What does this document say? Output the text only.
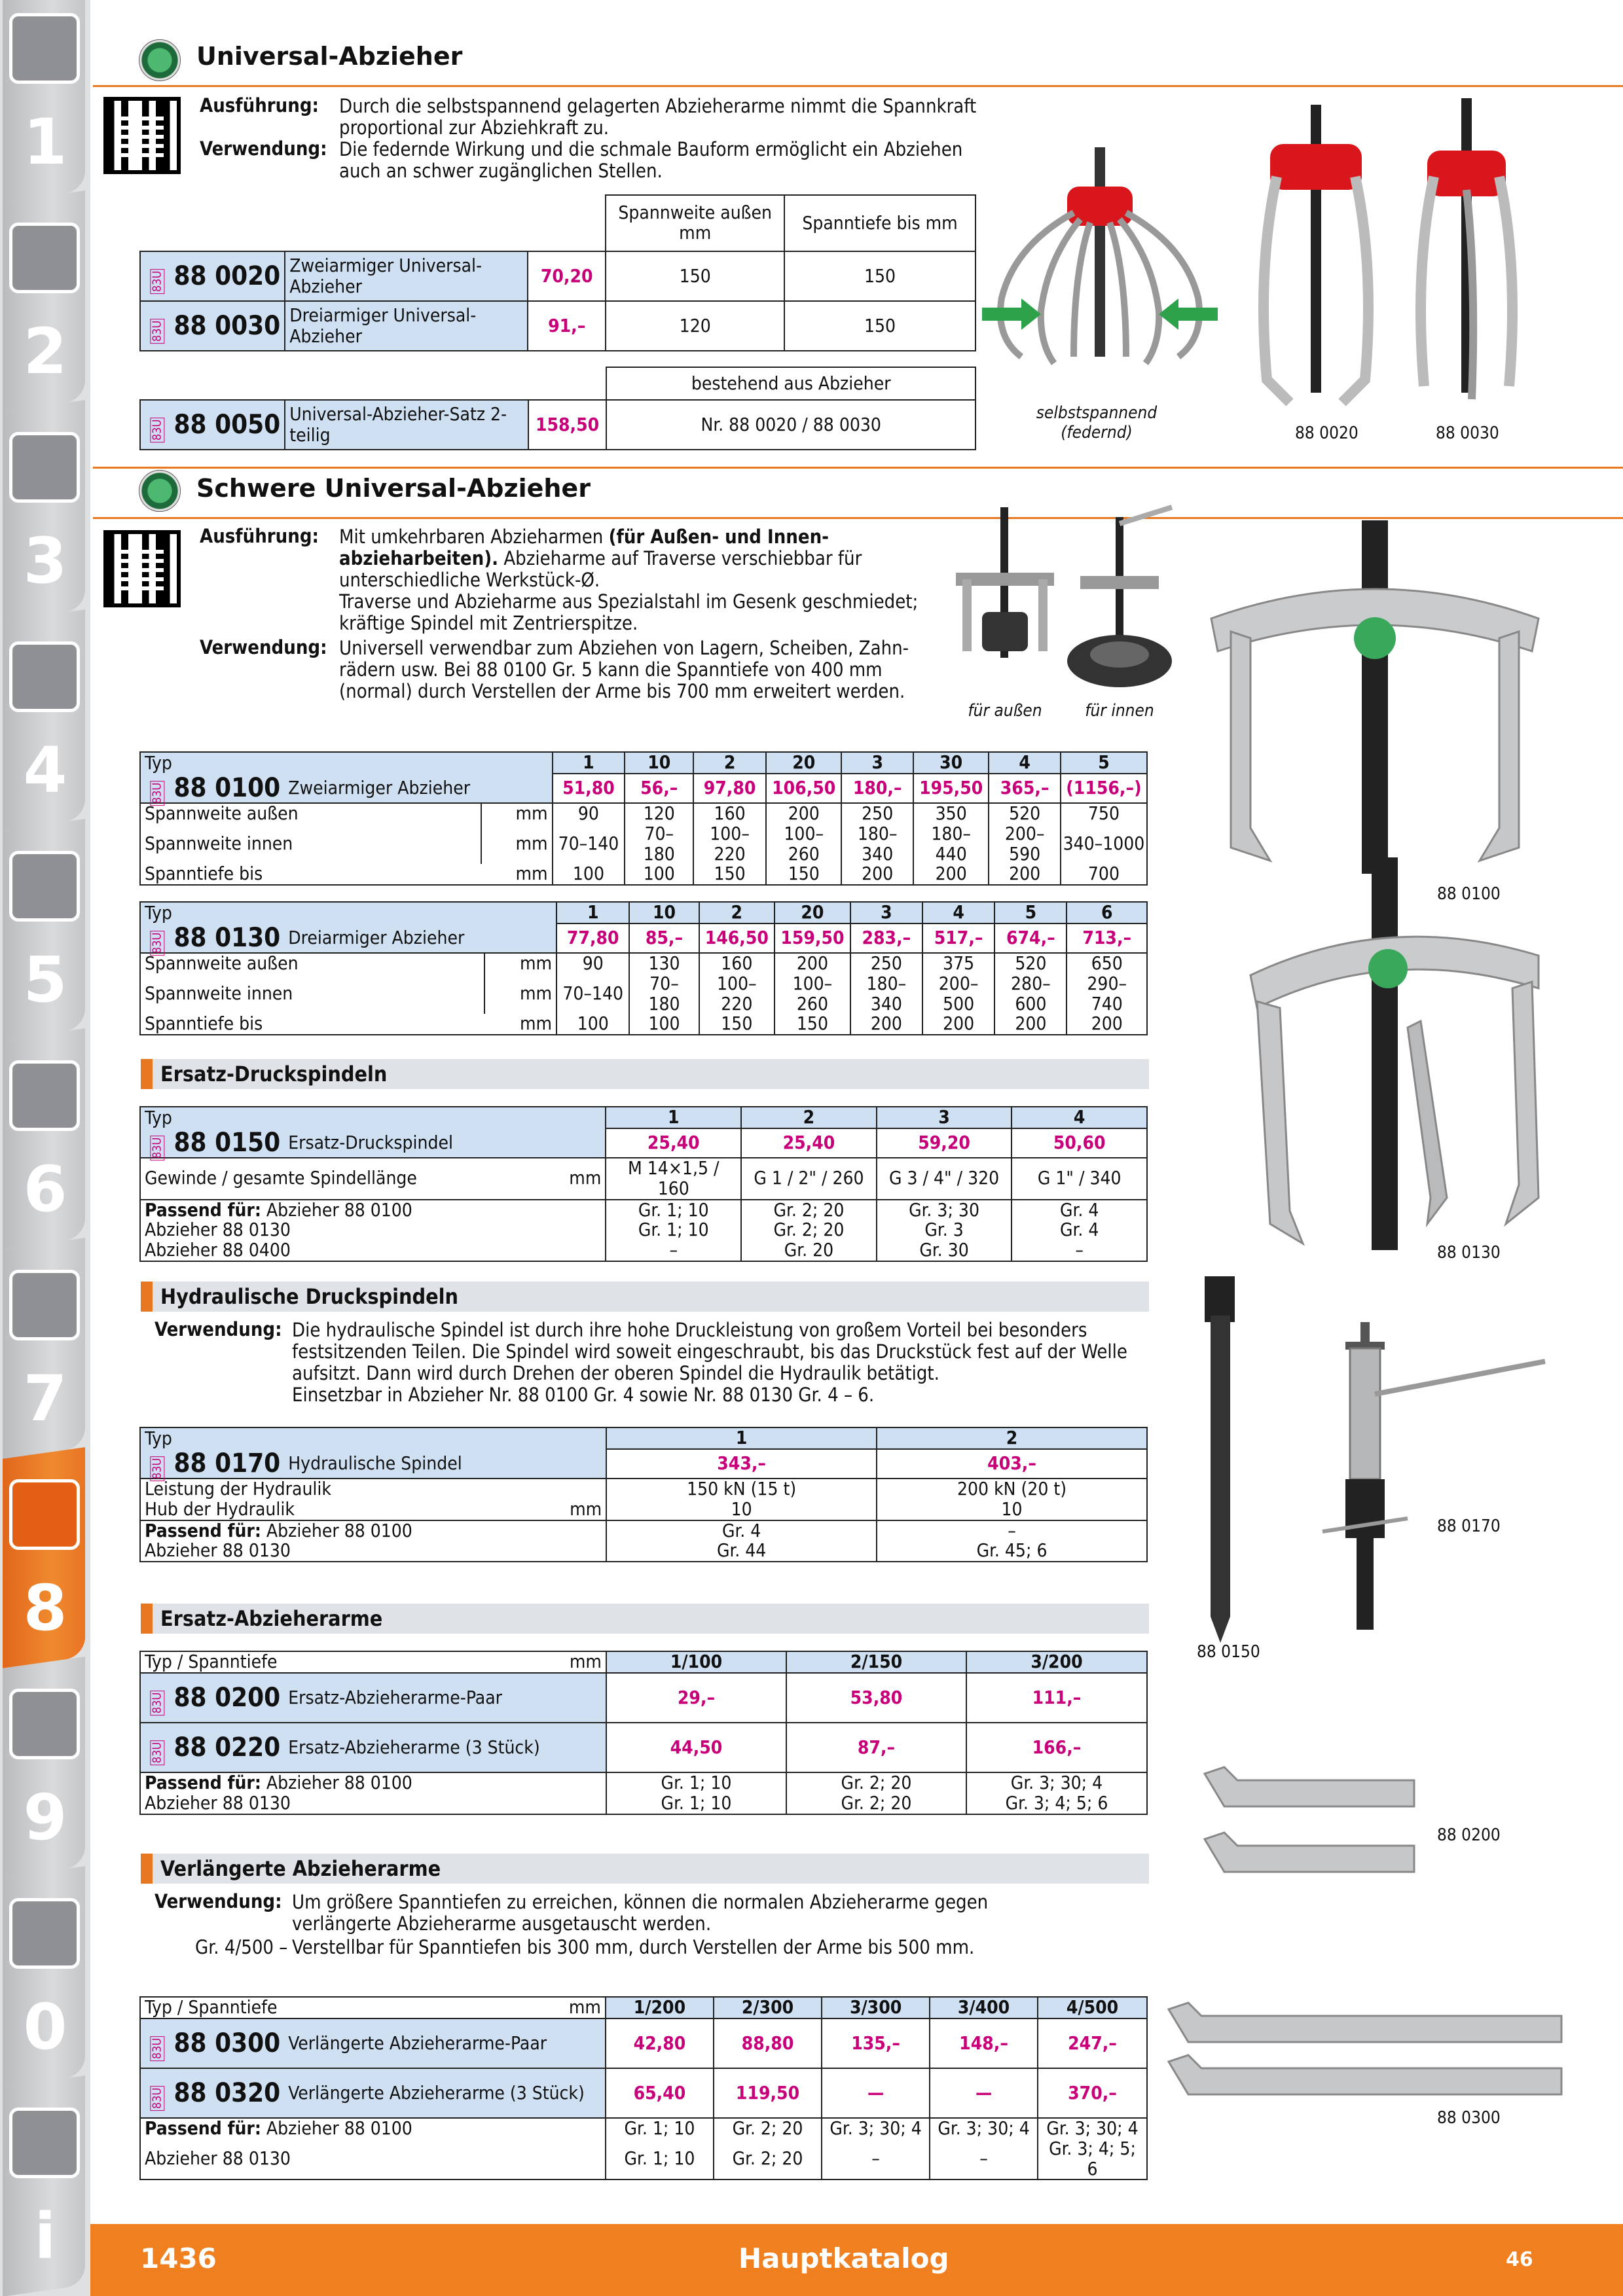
1
2
3
4
5
6
7
8
9
0
i
Universal-Abzieher
Ausführung: Durch die selbstspannend gelagerten Abzieherarme nimmt die Spannkraft
proportional zur Abziehkraft zu.
Verwendung: Die federnde Wirkung und die schmale Bauform ermöglicht ein Abziehen
auch an schwer zugänglichen Stellen.
			Spannweite außen mm	Spanntiefe bis mm
83U 88 0020	Zweiarmiger Universal-Abzieher	70,20	150	150
83U 88 0030	Dreiarmiger Universal-Abzieher	91,–	120	150
			bestehend aus Abzieher
83U 88 0050	Universal-Abzieher-Satz 2-teilig	158,50	Nr. 88 0020 / 88 0030
selbstspannend (federnd)	88 0020	88 0030
Schwere Universal-Abzieher
Ausführung: Mit umkehrbaren Abzieharmen (für Außen- und Innen-
abzieharbeiten). Abzieharme auf Traverse verschiebbar für
unterschiedliche Werkstück-Ø.
Traverse und Abzieharme aus Spezialstahl im Gesenk geschmiedet;
kräftige Spindel mit Zentrierspitze.
Verwendung: Universell verwendbar zum Abziehen von Lagern, Scheiben, Zahn-
rädern usw. Bei 88 0100 Gr. 5 kann die Spanntiefe von 400 mm
(normal) durch Verstellen der Arme bis 700 mm erweitert werden.
für außen	für innen
Typ			1	10	2	20	3	30	4	5
83U 88 0100	Zweiarmiger Abzieher		51,80	56,–	97,80	106,50	180,–	195,50	365,–	(1156,–)
Spannweite außen		mm	90	120	160	200	250	350	520	750
Spannweite innen		mm	70–140	70–180	100–220	100–260	180–340	180–440	200–590	340–1000
Spanntiefe bis		mm	100	100	150	150	200	200	200	700
Typ			1	10	2	20	3	4	5	6
83U 88 0130	Dreiarmiger Abzieher		77,80	85,–	146,50	159,50	283,–	517,–	674,–	713,–
Spannweite außen		mm	90	130	160	200	250	375	520	650
Spannweite innen		mm	70–140	70–180	100–220	100–260	180–340	200–500	280–600	290–740
Spanntiefe bis		mm	100	100	150	150	200	200	200	200
Ersatz-Druckspindeln
Typ			1	2	3	4
83U 88 0150	Ersatz-Druckspindel		25,40	25,40	59,20	50,60
Gewinde / gesamte Spindellänge		mm	M 14×1,5 / 160	G 1 / 2" / 260	G 3 / 4" / 320	G 1" / 340
Passend für: Abzieher 88 0100			Gr. 1; 10	Gr. 2; 20	Gr. 3; 30	Gr. 4
Abzieher 88 0130			Gr. 1; 10	Gr. 2; 20	Gr. 3	Gr. 4
Abzieher 88 0400			–	Gr. 20	Gr. 30	–
Hydraulische Druckspindeln
Verwendung: Die hydraulische Spindel ist durch ihre hohe Druckleistung von großem Vorteil bei besonders
festsitzenden Teilen. Die Spindel wird soweit eingeschraubt, bis das Druckstück fest auf der Welle
aufsitzt. Dann wird durch Drehen der oberen Spindel die Hydraulik betätigt.
Einsetzbar in Abzieher Nr. 88 0100 Gr. 4 sowie Nr. 88 0130 Gr. 4 – 6.
Typ			1	2
83U 88 0170	Hydraulische Spindel		343,–	403,–
Leistung der Hydraulik			150 kN (15 t)	200 kN (20 t)
Hub der Hydraulik		mm	10	10
Passend für: Abzieher 88 0100			Gr. 4	–
Abzieher 88 0130			Gr. 44	Gr. 45; 6
Ersatz-Abzieherarme
Typ / Spanntiefe		mm	1/100	2/150	3/200
83U 88 0200	Ersatz-Abzieherarme-Paar		29,–	53,80	111,–
83U 88 0220	Ersatz-Abzieherarme (3 Stück)		44,50	87,–	166,–
Passend für: Abzieher 88 0100			Gr. 1; 10	Gr. 2; 20	Gr. 3; 30; 4
Abzieher 88 0130			Gr. 1; 10	Gr. 2; 20	Gr. 3; 4; 5; 6
Verlängerte Abzieherarme
Verwendung: Um größere Spanntiefen zu erreichen, können die normalen Abzieherarme gegen
verlängerte Abzieherarme ausgetauscht werden.
Gr. 4/500 – Verstellbar für Spanntiefen bis 300 mm, durch Verstellen der Arme bis 500 mm.
Typ / Spanntiefe		mm	1/200	2/300	3/300	3/400	4/500
83U 88 0300	Verlängerte Abzieherarme-Paar		42,80	88,80	135,–	148,–	247,–
83U 88 0320	Verlängerte Abzieherarme (3 Stück)		65,40	119,50	—	—	370,–
Passend für: Abzieher 88 0100			Gr. 1; 10	Gr. 2; 20	Gr. 3; 30; 4	Gr. 3; 30; 4	Gr. 3; 30; 4
Abzieher 88 0130			Gr. 1; 10	Gr. 2; 20	–	–	Gr. 3; 4; 5; 6
88 0100
88 0130
88 0150
88 0170
88 0200
88 0300
1436	Hauptkatalog	46
